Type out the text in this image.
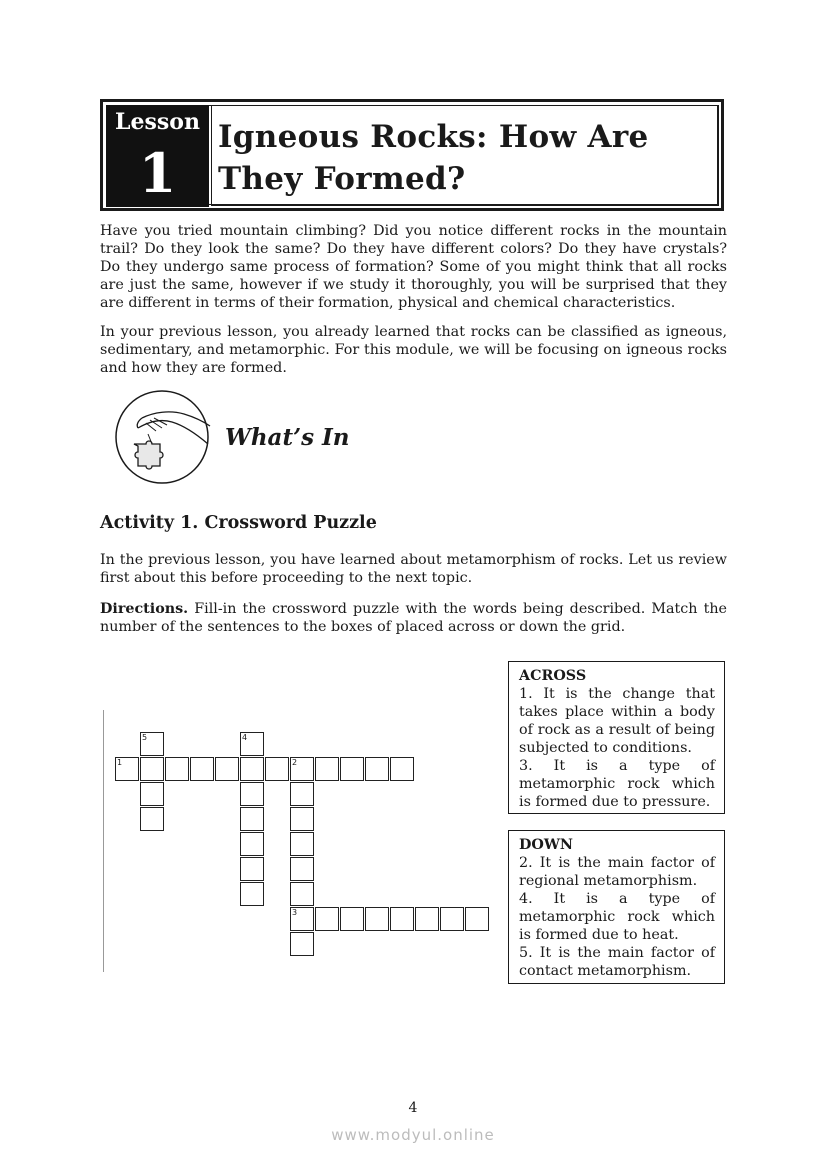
Lesson
1
Igneous Rocks: How Are
They Formed?
Have you tried mountain climbing? Did you notice different rocks in the mountain trail? Do they look the same? Do they have different colors? Do they have crystals? Do they undergo same process of formation? Some of you might think that all rocks are just the same, however if we study it thoroughly, you will be surprised that they are different in terms of their formation, physical and chemical characteristics.
In your previous lesson, you already learned that rocks can be classified as igneous, sedimentary, and metamorphic. For this module, we will be focusing on igneous rocks and how they are formed.
What’s In
Activity 1. Crossword Puzzle
In the previous lesson, you have learned about metamorphism of rocks. Let us review first about this before proceeding to the next topic.
Directions. Fill-in the crossword puzzle with the words being described. Match the number of the sentences to the boxes of placed across or down the grid.
5	4
1	2
3
ACROSS
1. It is the change that takes place within a body of rock as a result of being subjected to conditions.
3. It is a type of metamorphic rock which is formed due to pressure.
DOWN
2. It is the main factor of regional metamorphism.
4. It is a type of metamorphic rock which is formed due to heat.
5. It is the main factor of contact metamorphism.
4
www.modyul.online
